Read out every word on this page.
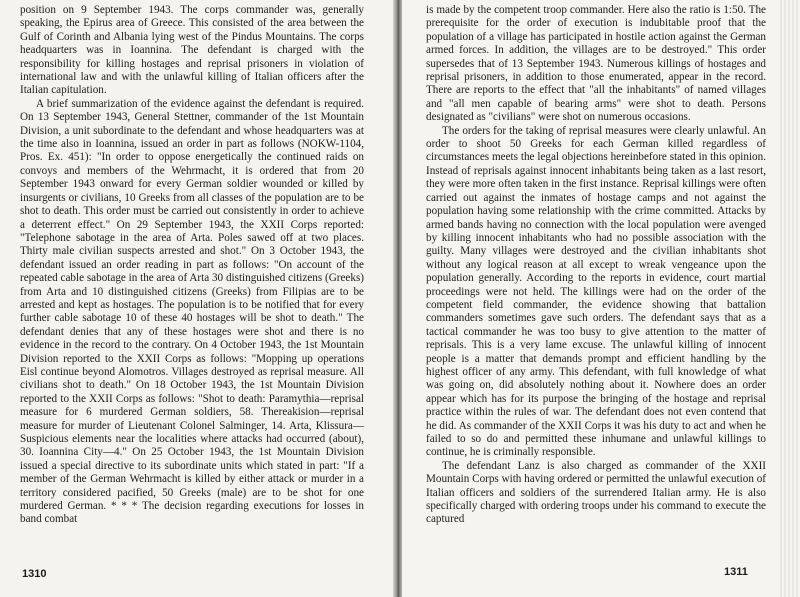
position on 9 September 1943. The corps commander was, generally speaking, the Epirus area of Greece. This consisted of the area between the Gulf of Corinth and Albania lying west of the Pindus Mountains. The corps headquarters was in Ioannina. The defendant is charged with the responsibility for killing hostages and reprisal prisoners in violation of international law and with the unlawful killing of Italian officers after the Italian capitulation.

A brief summarization of the evidence against the defendant is required. On 13 September 1943, General Stettner, commander of the 1st Mountain Division, a unit subordinate to the defendant and whose headquarters was at the time also in Ioannina, issued an order in part as follows (NOKW-1104, Pros. Ex. 451): "In order to oppose energetically the continued raids on convoys and members of the Wehrmacht, it is ordered that from 20 September 1943 onward for every German soldier wounded or killed by insurgents or civilians, 10 Greeks from all classes of the population are to be shot to death. This order must be carried out consistently in order to achieve a deterrent effect." On 29 September 1943, the XXII Corps reported: "Telephone sabotage in the area of Arta. Poles sawed off at two places. Thirty male civilian suspects arrested and shot." On 3 October 1943, the defendant issued an order reading in part as follows: "On account of the repeated cable sabotage in the area of Arta 30 distinguished citizens (Greeks) from Arta and 10 distinguished citizens (Greeks) from Filipias are to be arrested and kept as hostages. The population is to be notified that for every further cable sabotage 10 of these 40 hostages will be shot to death." The defendant denies that any of these hostages were shot and there is no evidence in the record to the contrary. On 4 October 1943, the 1st Mountain Division reported to the XXII Corps as follows: "Mopping up operations Eisl continue beyond Alomotros. Villages destroyed as reprisal measure. All civilians shot to death." On 18 October 1943, the 1st Mountain Division reported to the XXII Corps as follows: "Shot to death: Paramythia—reprisal measure for 6 murdered German soldiers, 58. Thereakision—reprisal measure for murder of Lieutenant Colonel Salminger, 14. Arta, Klissura—Suspicious elements near the localities where attacks had occurred (about), 30. Ioannina City—4." On 25 October 1943, the 1st Mountain Division issued a special directive to its subordinate units which stated in part: "If a member of the German Wehrmacht is killed by either attack or murder in a territory considered pacified, 50 Greeks (male) are to be shot for one murdered German. * * * The decision regarding executions for losses in band combat

1310

is made by the competent troop commander. Here also the ratio is 1:50. The prerequisite for the order of execution is indubitable proof that the population of a village has participated in hostile action against the German armed forces. In addition, the villages are to be destroyed." This order supersedes that of 13 September 1943. Numerous killings of hostages and reprisal prisoners, in addition to those enumerated, appear in the record. There are reports to the effect that "all the inhabitants" of named villages and "all men capable of bearing arms" were shot to death. Persons designated as "civilians" were shot on numerous occasions.

The orders for the taking of reprisal measures were clearly unlawful. An order to shoot 50 Greeks for each German killed regardless of circumstances meets the legal objections hereinbefore stated in this opinion. Instead of reprisals against innocent inhabitants being taken as a last resort, they were more often taken in the first instance. Reprisal killings were often carried out against the inmates of hostage camps and not against the population having some relationship with the crime committed. Attacks by armed bands having no connection with the local population were avenged by killing innocent inhabitants who had no possible association with the guilty. Many villages were destroyed and the civilian inhabitants shot without any logical reason at all except to wreak vengeance upon the population generally. According to the reports in evidence, court martial proceedings were not held. The killings were had on the order of the competent field commander, the evidence showing that battalion commanders sometimes gave such orders. The defendant says that as a tactical commander he was too busy to give attention to the matter of reprisals. This is a very lame excuse. The unlawful killing of innocent people is a matter that demands prompt and efficient handling by the highest officer of any army. This defendant, with full knowledge of what was going on, did absolutely nothing about it. Nowhere does an order appear which has for its purpose the bringing of the hostage and reprisal practice within the rules of war. The defendant does not even contend that he did. As commander of the XXII Corps it was his duty to act and when he failed to so do and permitted these inhumane and unlawful killings to continue, he is criminally responsible.

The defendant Lanz is also charged as commander of the XXII Mountain Corps with having ordered or permitted the unlawful execution of Italian officers and soldiers of the surrendered Italian army. He is also specifically charged with ordering troops under his command to execute the captured

1311
